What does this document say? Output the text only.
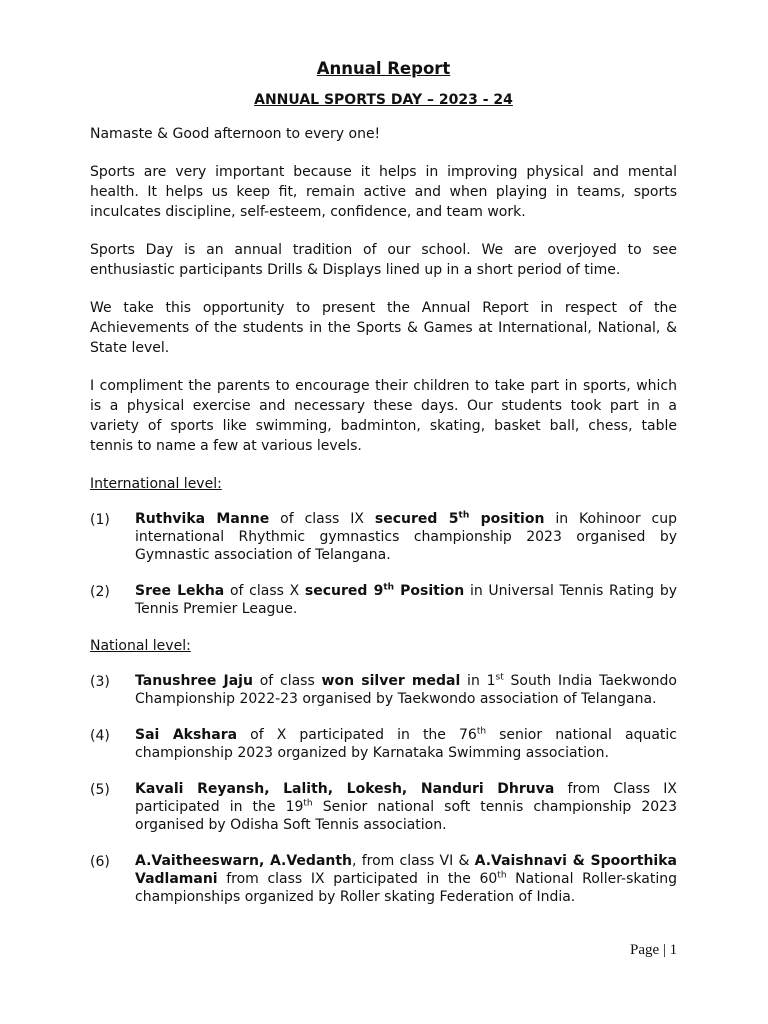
Annual Report
ANNUAL SPORTS DAY – 2023 - 24

Namaste & Good afternoon to every one!

Sports are very important because it helps in improving physical and mental health. It helps us keep fit, remain active and when playing in teams, sports inculcates discipline, self-esteem, confidence, and team work.

Sports Day is an annual tradition of our school. We are overjoyed to see enthusiastic participants Drills & Displays lined up in a short period of time.

We take this opportunity to present the Annual Report in respect of the Achievements of the students in the Sports & Games at International, National, & State level.

I compliment the parents to encourage their children to take part in sports, which is a physical exercise and necessary these days. Our students took part in a variety of sports like swimming, badminton, skating, basket ball, chess, table tennis to name a few at various levels.

International level:
(1)	Ruthvika Manne of class IX secured 5th position in Kohinoor cup international Rhythmic gymnastics championship 2023 organised by Gymnastic association of Telangana.
(2)	Sree Lekha of class X secured 9th Position in Universal Tennis Rating by Tennis Premier League.
National level:
(3)	Tanushree Jaju of class won silver medal in 1st South India Taekwondo Championship 2022-23 organised by Taekwondo association of Telangana.
(4)	Sai Akshara of X participated in the 76th senior national aquatic championship 2023 organized by Karnataka Swimming association.
(5)	Kavali Reyansh, Lalith, Lokesh, Nanduri Dhruva from Class IX participated in the 19th Senior national soft tennis championship 2023 organised by Odisha Soft Tennis association.
(6)	A.Vaitheeswarn, A.Vedanth, from class VI & A.Vaishnavi & Spoorthika Vadlamani from class IX participated in the 60th National Roller-skating championships organized by Roller skating Federation of India.
Page | 1
